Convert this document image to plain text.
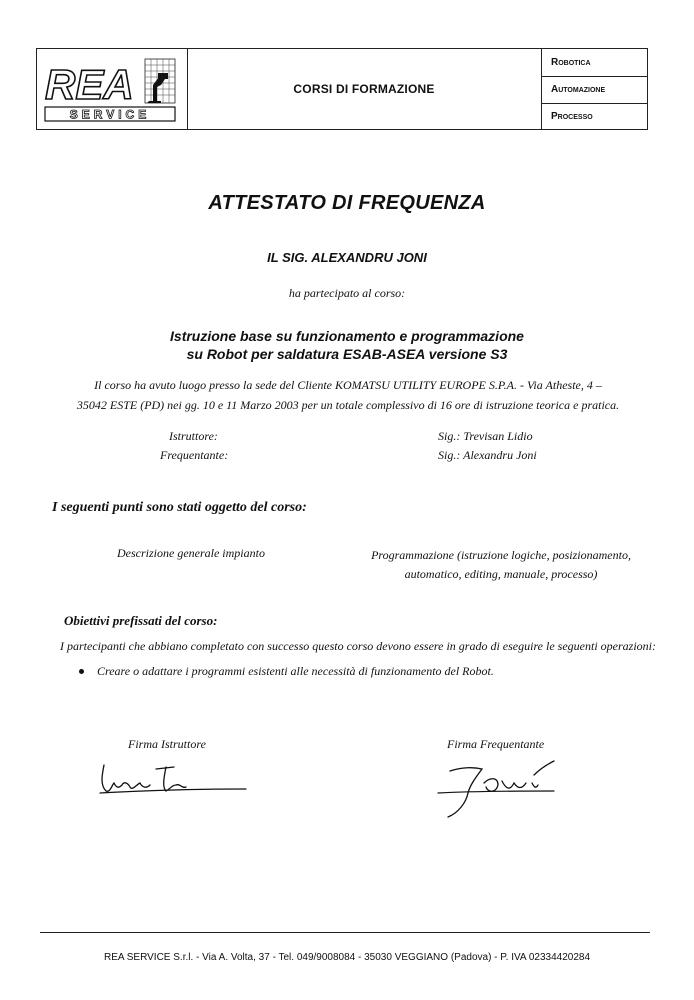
REA
SERVICE
CORSI DI FORMAZIONE
Robotica
Automazione
Processo
ATTESTATO DI FREQUENZA
IL SIG. ALEXANDRU JONI
ha partecipato al corso:
Istruzione base su funzionamento e programmazione
su Robot per saldatura ESAB-ASEA versione S3
Il corso ha avuto luogo presso la sede del Cliente KOMATSU UTILITY EUROPE S.P.A. - Via Atheste, 4 –
35042 ESTE (PD) nei gg. 10 e 11 Marzo 2003 per un totale complessivo di 16 ore di istruzione teorica e pratica.
Istruttore:	Sig.: Trevisan Lidio
Frequentante:	Sig.: Alexandru Joni
I seguenti punti sono stati oggetto del corso:
Descrizione generale impianto	Programmazione (istruzione logiche, posizionamento,
automatico, editing, manuale, processo)
Obiettivi prefissati del corso:
I partecipanti che abbiano completato con successo questo corso devono essere in grado di eseguire le seguenti operazioni:
Creare o adattare i programmi esistenti alle necessità di funzionamento del Robot.
Firma Istruttore	Firma Frequentante
REA SERVICE S.r.l. - Via A. Volta, 37 - Tel. 049/9008084 - 35030 VEGGIANO (Padova) - P. IVA 02334420284
